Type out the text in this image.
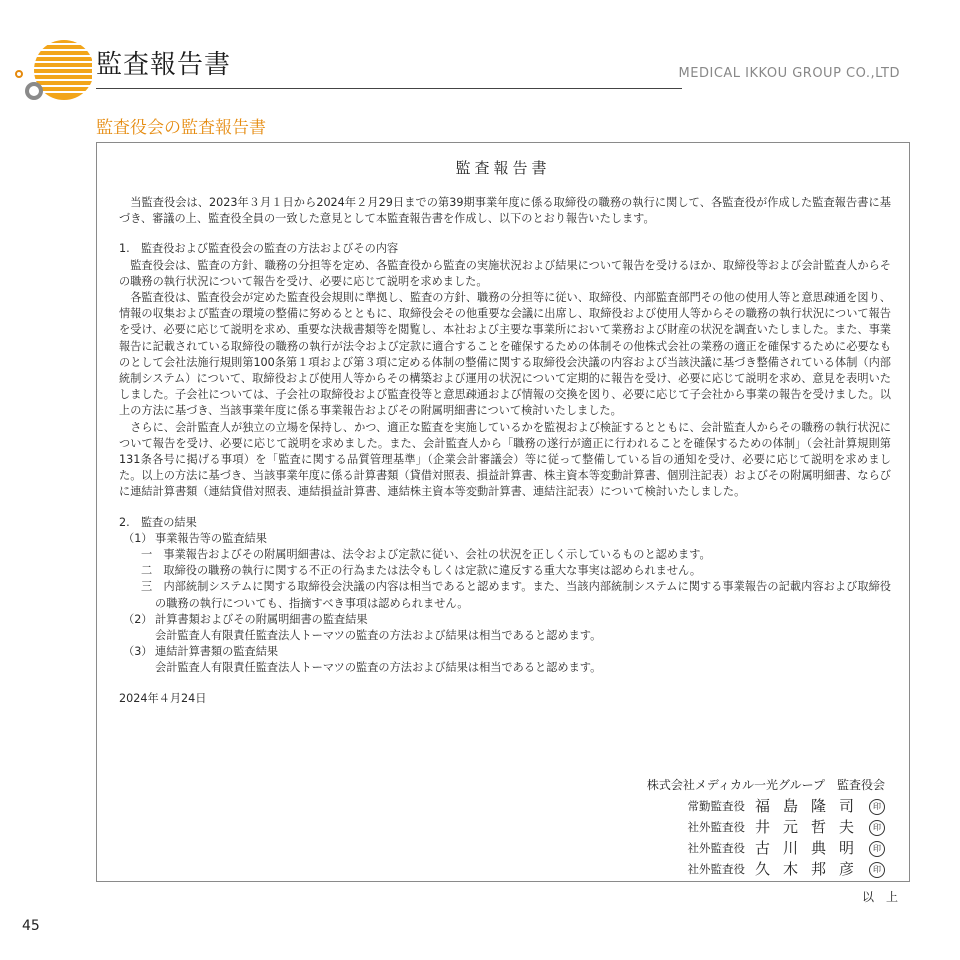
監査報告書	MEDICAL IKKOU GROUP CO.,LTD
監査役会の監査報告書
監査報告書

当監査役会は、2023年３月１日から2024年２月29日までの第39期事業年度に係る取締役の職務の執行に関して、各監査役が作成した監査報告書に基づき、審議の上、監査役全員の一致した意見として本監査報告書を作成し、以下のとおり報告いたします。

1.　監査役および監査役会の監査の方法およびその内容

監査役会は、監査の方針、職務の分担等を定め、各監査役から監査の実施状況および結果について報告を受けるほか、取締役等および会計監査人からその職務の執行状況について報告を受け、必要に応じて説明を求めました。

各監査役は、監査役会が定めた監査役会規則に準拠し、監査の方針、職務の分担等に従い、取締役、内部監査部門その他の使用人等と意思疎通を図り、情報の収集および監査の環境の整備に努めるとともに、取締役会その他重要な会議に出席し、取締役および使用人等からその職務の執行状況について報告を受け、必要に応じて説明を求め、重要な決裁書類等を閲覧し、本社および主要な事業所において業務および財産の状況を調査いたしました。また、事業報告に記載されている取締役の職務の執行が法令および定款に適合することを確保するための体制その他株式会社の業務の適正を確保するために必要なものとして会社法施行規則第100条第１項および第３項に定める体制の整備に関する取締役会決議の内容および当該決議に基づき整備されている体制（内部統制システム）について、取締役および使用人等からその構築および運用の状況について定期的に報告を受け、必要に応じて説明を求め、意見を表明いたしました。子会社については、子会社の取締役および監査役等と意思疎通および情報の交換を図り、必要に応じて子会社から事業の報告を受けました。以上の方法に基づき、当該事業年度に係る事業報告およびその附属明細書について検討いたしました。

さらに、会計監査人が独立の立場を保持し、かつ、適正な監査を実施しているかを監視および検証するとともに、会計監査人からその職務の執行状況について報告を受け、必要に応じて説明を求めました。また、会計監査人から「職務の遂行が適正に行われることを確保するための体制」（会社計算規則第131条各号に掲げる事項）を「監査に関する品質管理基準」（企業会計審議会）等に従って整備している旨の通知を受け、必要に応じて説明を求めました。以上の方法に基づき、当該事業年度に係る計算書類（貸借対照表、損益計算書、株主資本等変動計算書、個別注記表）およびその附属明細書、ならびに連結計算書類（連結貸借対照表、連結損益計算書、連結株主資本等変動計算書、連結注記表）について検討いたしました。

2.　監査の結果

（1） 事業報告等の監査結果

一　事業報告およびその附属明細書は、法令および定款に従い、会社の状況を正しく示しているものと認めます。

二　取締役の職務の執行に関する不正の行為または法令もしくは定款に違反する重大な事実は認められません。

三　内部統制システムに関する取締役会決議の内容は相当であると認めます。また、当該内部統制システムに関する事業報告の記載内容および取締役の職務の執行についても、指摘すべき事項は認められません。

（2） 計算書類およびその附属明細書の監査結果

会計監査人有限責任監査法人トーマツの監査の方法および結果は相当であると認めます。

（3） 連結計算書類の監査結果

会計監査人有限責任監査法人トーマツの監査の方法および結果は相当であると認めます。

2024年４月24日

株式会社メディカル一光グループ　監査役会
常勤監査役 福島隆司 印
社外監査役 井元哲夫 印
社外監査役 古川典明 印
社外監査役 久木邦彦 印
以上
45
